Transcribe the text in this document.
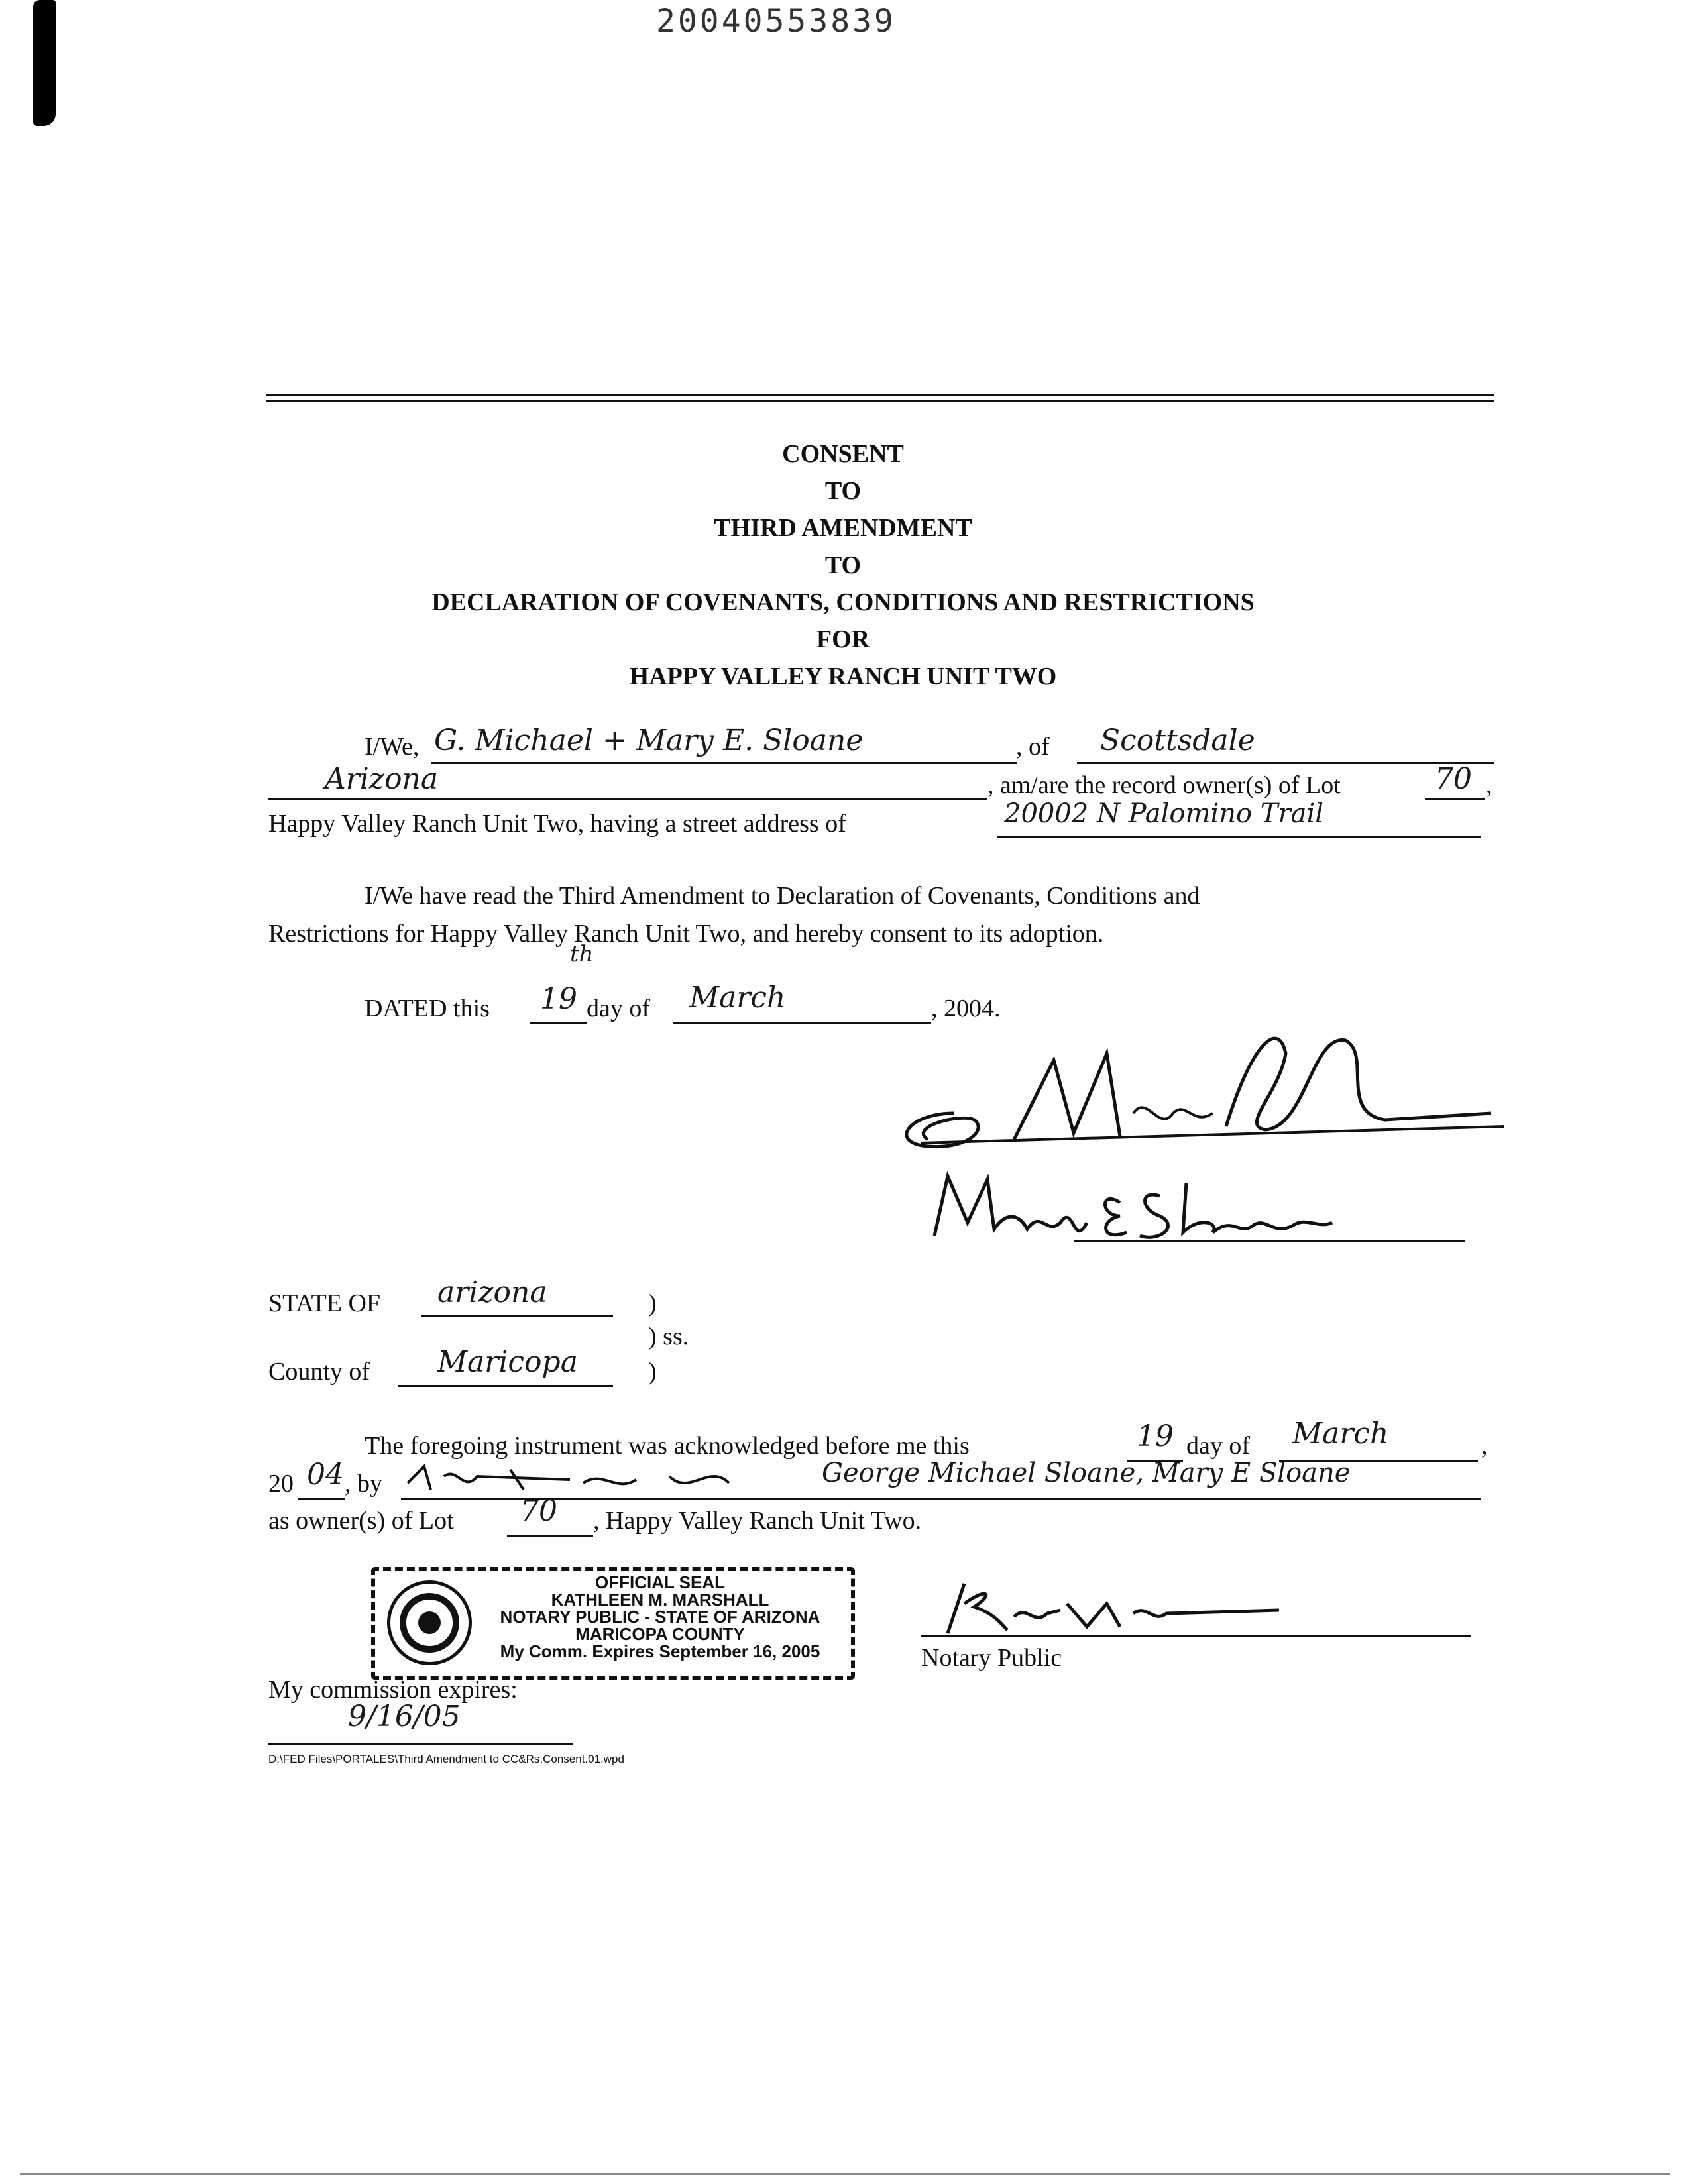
20040553839
CONSENT
TO
THIRD AMENDMENT
TO
DECLARATION OF COVENANTS, CONDITIONS AND RESTRICTIONS
FOR
HAPPY VALLEY RANCH UNIT TWO
I/We, G. Michael + Mary E. Sloane	, of Scottsdale
Arizona	, am/are the record owner(s) of Lot	70 ,
Happy Valley Ranch Unit Two, having a street address of	20002 N Palomino Trail
I/We have read the Third Amendment to Declaration of Covenants, Conditions and
Restrictions for Happy Valley Ranch Unit Two, and hereby consent to its adoption.
DATED this 19
th
day of March	, 2004.
STATE OF arizona	)
) ss.
County of Maricopa	)
The foregoing instrument was acknowledged before me this	19 day of March	,
20 04 , by	George Michael Sloane, Mary E Sloane
as owner(s) of Lot 70 , Happy Valley Ranch Unit Two.
OFFICIAL SEAL
KATHLEEN M. MARSHALL
NOTARY PUBLIC - STATE OF ARIZONA
MARICOPA COUNTY
My Comm. Expires September 16, 2005	Notary Public
My commission expires:
9/16/05
D:\FED Files\PORTALES\Third Amendment to CC&Rs.Consent.01.wpd
